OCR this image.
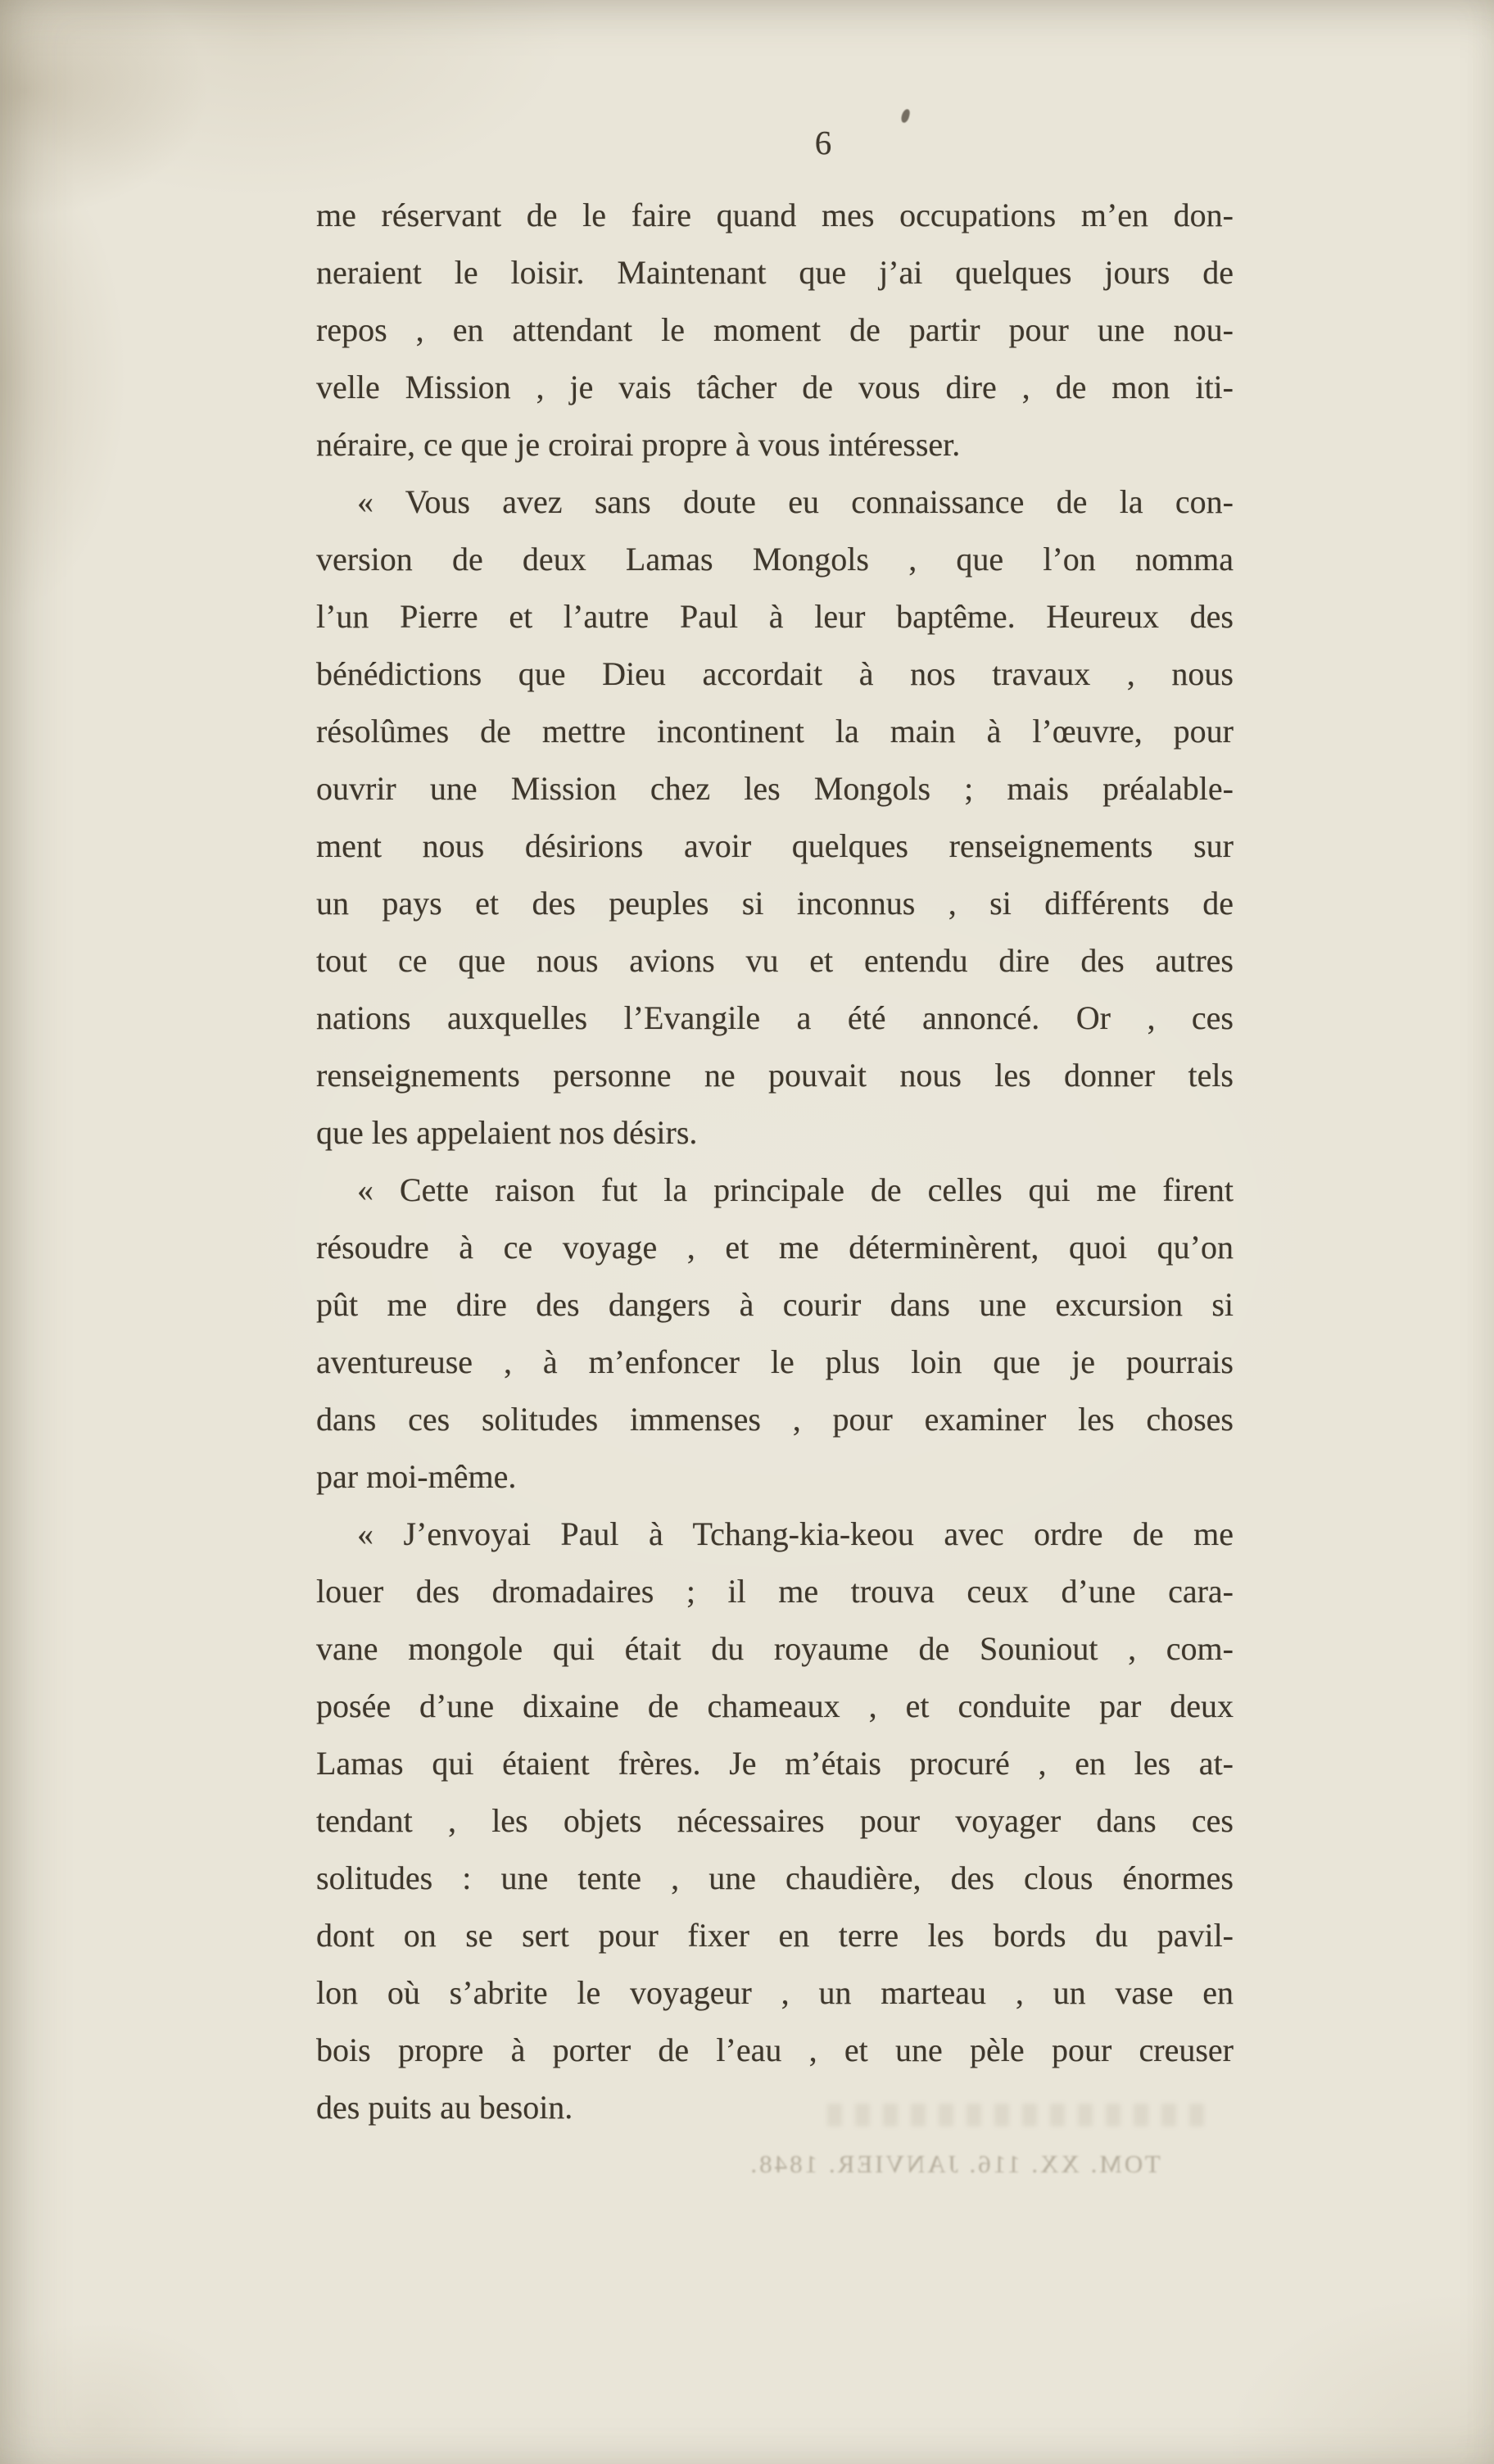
6
me réservant de le faire quand mes occupations m’en don-
neraient le loisir. Maintenant que j’ai quelques jours de
repos , en attendant le moment de partir pour une nou-
velle Mission , je vais tâcher de vous dire , de mon iti-
néraire, ce que je croirai propre à vous intéresser.
« Vous avez sans doute eu connaissance de la con-
version de deux Lamas Mongols , que l’on nomma
l’un Pierre et l’autre Paul à leur baptême. Heureux des
bénédictions que Dieu accordait à nos travaux , nous
résolûmes de mettre incontinent la main à l’œuvre, pour
ouvrir une Mission chez les Mongols ; mais préalable-
ment nous désirions avoir quelques renseignements sur
un pays et des peuples si inconnus , si différents de
tout ce que nous avions vu et entendu dire des autres
nations auxquelles l’Evangile a été annoncé. Or , ces
renseignements personne ne pouvait nous les donner tels
que les appelaient nos désirs.
« Cette raison fut la principale de celles qui me firent
résoudre à ce voyage , et me déterminèrent, quoi qu’on
pût me dire des dangers à courir dans une excursion si
aventureuse , à m’enfoncer le plus loin que je pourrais
dans ces solitudes immenses , pour examiner les choses
par moi-même.
« J’envoyai Paul à Tchang-kia-keou avec ordre de me
louer des dromadaires ; il me trouva ceux d’une cara-
vane mongole qui était du royaume de Souniout , com-
posée d’une dixaine de chameaux , et conduite par deux
Lamas qui étaient frères. Je m’étais procuré , en les at-
tendant , les objets nécessaires pour voyager dans ces
solitudes : une tente , une chaudière, des clous énormes
dont on se sert pour fixer en terre les bords du pavil-
lon où s’abrite le voyageur , un marteau , un vase en
bois propre à porter de l’eau , et une pèle pour creuser
des puits au besoin.
TOM. XX. 116. JANVIER. 1848.
